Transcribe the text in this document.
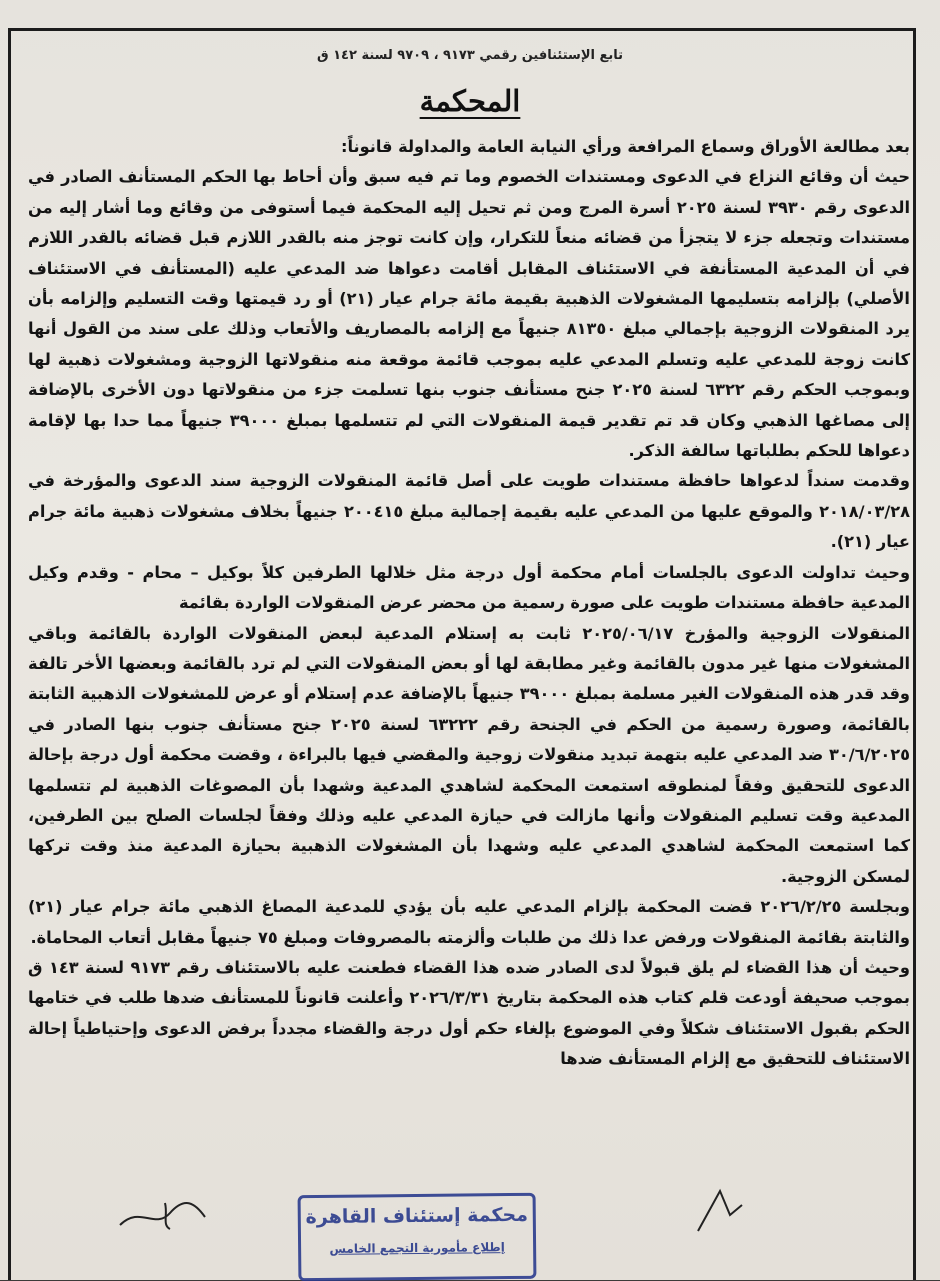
تابع الإستئنافين رقمي ٩١٧٣ ، ٩٧٠٩ لسنة ١٤٢ ق
المحكمة

بعد مطالعة الأوراق وسماع المرافعة ورأي النيابة العامة والمداولة قانوناً:

حيث أن وقائع النزاع في الدعوى ومستندات الخصوم وما تم فيه سبق وأن أحاط بها الحكم المستأنف الصادر في الدعوى رقم ٣٩٣٠ لسنة ٢٠٢٥ أسرة المرج ومن ثم تحيل إليه المحكمة فيما أستوفى من وقائع وما أشار إليه من مستندات وتجعله جزء لا يتجزأ من قضائه منعاً للتكرار، وإن كانت توجز منه بالقدر اللازم قبل قضائه بالقدر اللازم في أن المدعية المستأنفة في الاستئناف المقابل أقامت دعواها ضد المدعي عليه (المستأنف في الاستئناف الأصلي) بإلزامه بتسليمها المشغولات الذهبية بقيمة مائة جرام عيار (٢١) أو رد قيمتها وقت التسليم وإلزامه بأن يرد المنقولات الزوجية بإجمالي مبلغ ٨١٣٥٠ جنيهاً مع إلزامه بالمصاريف والأتعاب وذلك على سند من القول أنها كانت زوجة للمدعي عليه وتسلم المدعي عليه بموجب قائمة موقعة منه منقولاتها الزوجية ومشغولات ذهبية لها وبموجب الحكم رقم ٦٣٢٢ لسنة ٢٠٢٥ جنح مستأنف جنوب بنها تسلمت جزء من منقولاتها دون الأخرى بالإضافة إلى مصاغها الذهبي وكان قد تم تقدير قيمة المنقولات التي لم تتسلمها بمبلغ ٣٩٠٠٠ جنيهاً مما حدا بها لإقامة دعواها للحكم بطلباتها سالفة الذكر.

وقدمت سنداً لدعواها حافظة مستندات طويت على أصل قائمة المنقولات الزوجية سند الدعوى والمؤرخة في ٢٠١٨/٠٣/٢٨ والموقع عليها من المدعي عليه بقيمة إجمالية مبلغ ٢٠٠٤١٥ جنيهاً بخلاف مشغولات ذهبية مائة جرام عيار (٢١).

وحيث تداولت الدعوى بالجلسات أمام محكمة أول درجة مثل خلالها الطرفين كلاً بوكيل – محام - وقدم وكيل المدعية حافظة مستندات طويت على صورة رسمية من محضر عرض المنقولات الواردة بقائمة

المنقولات الزوجية والمؤرخ ٢٠٢٥/٠٦/١٧ ثابت به إستلام المدعية لبعض المنقولات الواردة بالقائمة وباقي المشغولات منها غير مدون بالقائمة وغير مطابقة لها أو بعض المنقولات التي لم ترد بالقائمة وبعضها الأخر تالفة وقد قدر هذه المنقولات الغير مسلمة بمبلغ ٣٩٠٠٠ جنيهاً بالإضافة عدم إستلام أو عرض للمشغولات الذهبية الثابتة بالقائمة، وصورة رسمية من الحكم في الجنحة رقم ٦٣٢٢٢ لسنة ٢٠٢٥ جنح مستأنف جنوب بنها الصادر في ٣٠/٦/٢٠٢٥ ضد المدعي عليه بتهمة تبديد منقولات زوجية والمقضي فيها بالبراءة ، وقضت محكمة أول درجة بإحالة الدعوى للتحقيق وفقاً لمنطوقه استمعت المحكمة لشاهدي المدعية وشهدا بأن المصوغات الذهبية لم تتسلمها المدعية وقت تسليم المنقولات وأنها مازالت في حيازة المدعي عليه وذلك وفقاً لجلسات الصلح بين الطرفين، كما استمعت المحكمة لشاهدي المدعي عليه وشهدا بأن المشغولات الذهبية بحيازة المدعية منذ وقت تركها لمسكن الزوجية.

وبجلسة ٢٠٢٦/٢/٢٥ قضت المحكمة بإلزام المدعي عليه بأن يؤدي للمدعية المصاغ الذهبي مائة جرام عيار (٢١) والثابتة بقائمة المنقولات ورفض عدا ذلك من طلبات وألزمته بالمصروفات ومبلغ ٧٥ جنيهاً مقابل أتعاب المحاماة.

وحيث أن هذا القضاء لم يلق قبولاً لدى الصادر ضده هذا القضاء فطعنت عليه بالاستئناف رقم ٩١٧٣ لسنة ١٤٣ ق بموجب صحيفة أودعت قلم كتاب هذه المحكمة بتاريخ ٢٠٢٦/٣/٣١ وأعلنت قانوناً للمستأنف ضدها طلب في ختامها الحكم بقبول الاستئناف شكلاً وفي الموضوع بإلغاء حكم أول درجة والقضاء مجدداً برفض الدعوى وإحتياطياً إحالة الاستئناف للتحقيق مع إلزام المستأنف ضدها

محكمة إستئناف القاهرة
إطلاع مأمورية التجمع الخامس
